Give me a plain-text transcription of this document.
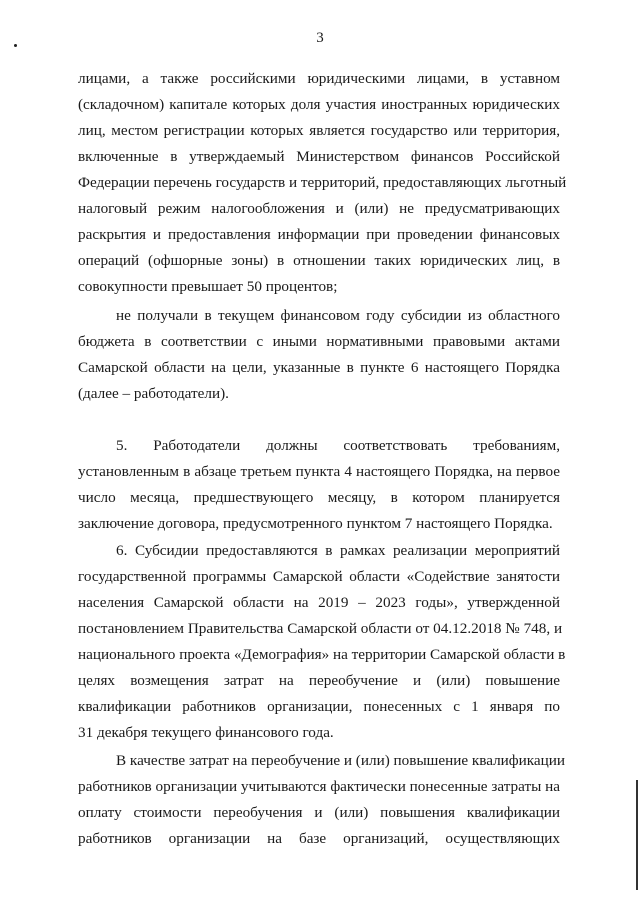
3
лицами, а также российскими юридическими лицами, в уставном
(складочном) капитале которых доля участия иностранных юридических
лиц, местом регистрации которых является государство или территория,
включенные в утверждаемый Министерством финансов Российской
Федерации перечень государств и территорий, предоставляющих льготный
налоговый режим налогообложения и (или) не предусматривающих
раскрытия и предоставления информации при проведении финансовых
операций (офшорные зоны) в отношении таких юридических лиц, в
совокупности превышает 50 процентов;
не получали в текущем финансовом году субсидии из областного
бюджета в соответствии с иными нормативными правовыми актами
Самарской области на цели, указанные в пункте 6 настоящего Порядка
(далее – работодатели).
5. Работодатели должны соответствовать требованиям,
установленным в абзаце третьем пункта 4 настоящего Порядка, на первое
число месяца, предшествующего месяцу, в котором планируется
заключение договора, предусмотренного пунктом 7 настоящего Порядка.
6. Субсидии предоставляются в рамках реализации мероприятий
государственной программы Самарской области «Содействие занятости
населения Самарской области на 2019 – 2023 годы», утвержденной
постановлением Правительства Самарской области от 04.12.2018 № 748, и
национального проекта «Демография» на территории Самарской области в
целях возмещения затрат на переобучение и (или) повышение
квалификации работников организации, понесенных с 1 января по
31 декабря текущего финансового года.
В качестве затрат на переобучение и (или) повышение квалификации
работников организации учитываются фактически понесенные затраты на
оплату стоимости переобучения и (или) повышения квалификации
работников организации на базе организаций, осуществляющих
